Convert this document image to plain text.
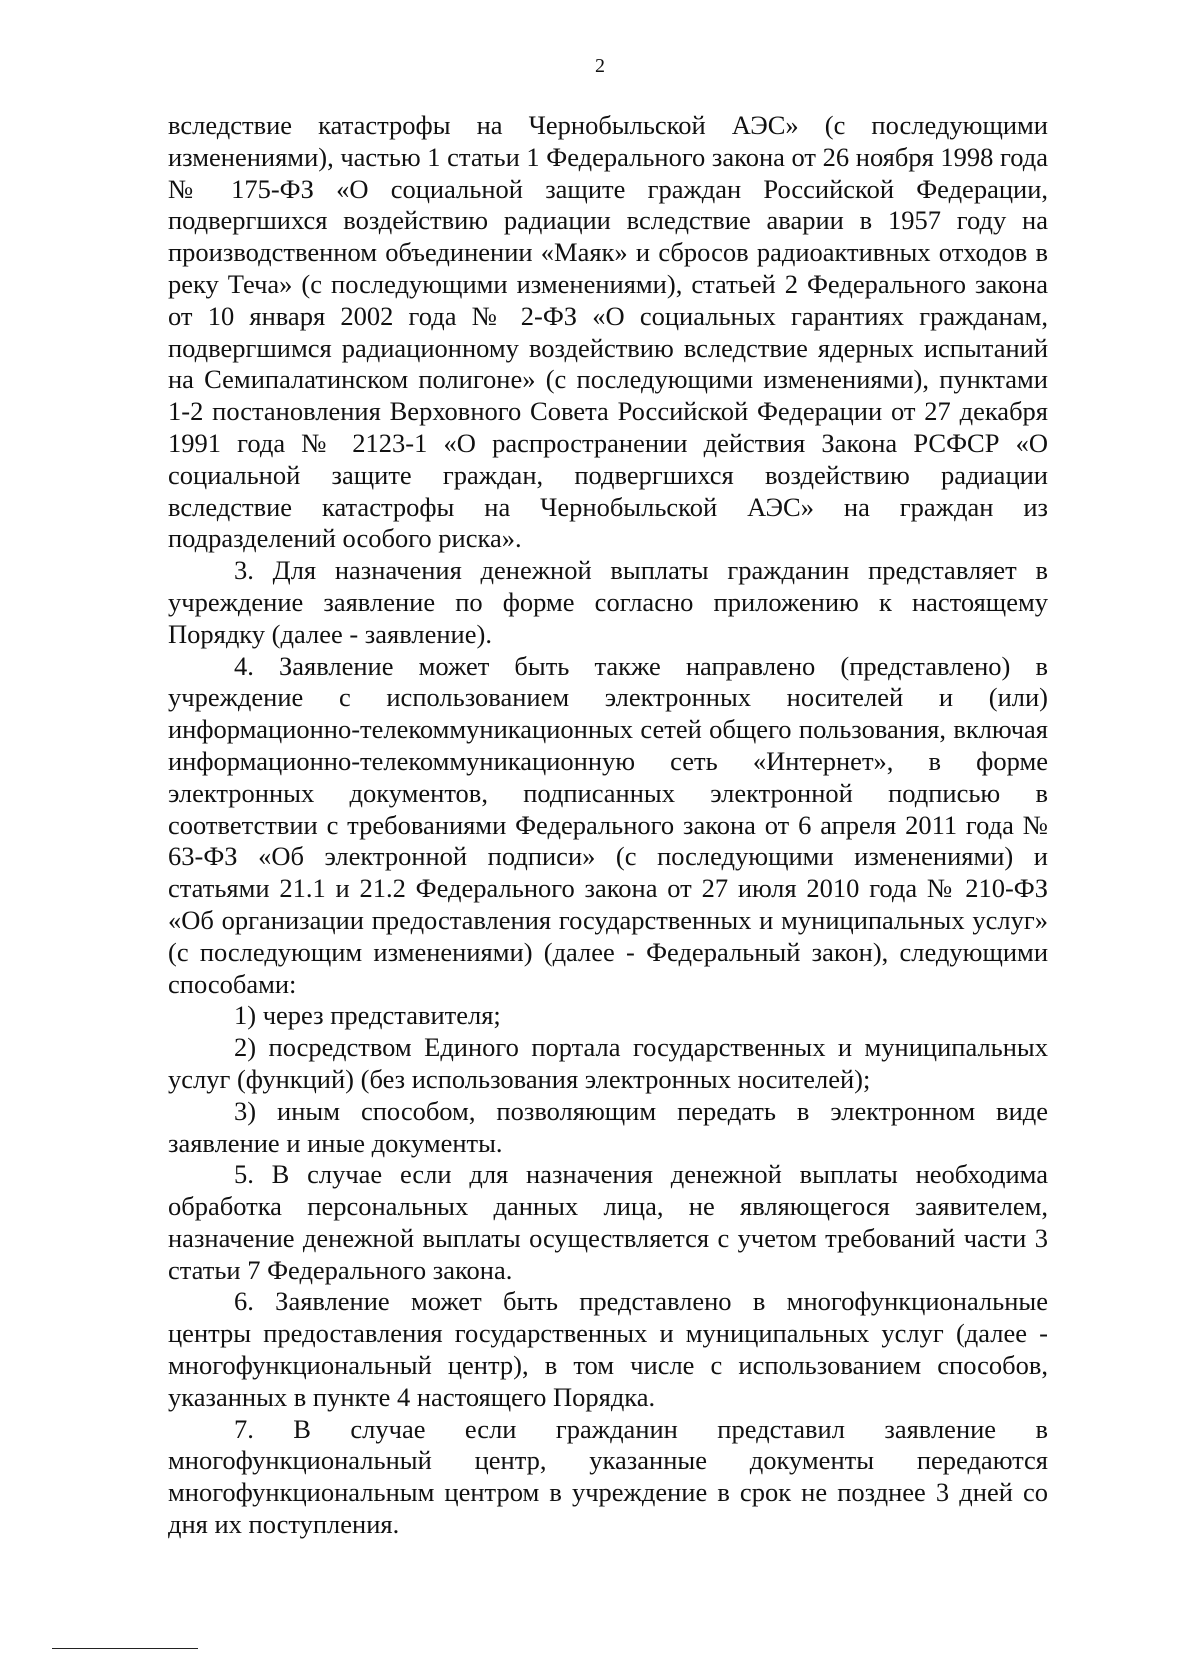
2

вследствие катастрофы на Чернобыльской АЭС» (с последующими изменениями), частью 1 статьи 1 Федерального закона от 26 ноября 1998 года № 175-ФЗ «О социальной защите граждан Российской Федерации, подвергшихся воздействию радиации вследствие аварии в 1957 году на производственном объединении «Маяк» и сбросов радиоактивных отходов в реку Теча» (с последующими изменениями), статьей 2 Федерального закона от 10 января 2002 года № 2-ФЗ «О социальных гарантиях гражданам, подвергшимся радиационному воздействию вследствие ядерных испытаний на Семипалатинском полигоне» (с последующими изменениями), пунктами 1-2 постановления Верховного Совета Российской Федерации от 27 декабря 1991 года № 2123-1 «О распространении действия Закона РСФСР «О социальной защите граждан, подвергшихся воздействию радиации вследствие катастрофы на Чернобыльской АЭС» на граждан из подразделений особого риска».

3. Для назначения денежной выплаты гражданин представляет в учреждение заявление по форме согласно приложению к настоящему Порядку (далее - заявление).

4. Заявление может быть также направлено (представлено) в учреждение с использованием электронных носителей и (или) информационно-телекоммуникационных сетей общего пользования, включая информационно-телекоммуникационную сеть «Интернет», в форме электронных документов, подписанных электронной подписью в соответствии с требованиями Федерального закона от 6 апреля 2011 года № 63-ФЗ «Об электронной подписи» (с последующими изменениями) и статьями 21.1 и 21.2 Федерального закона от 27 июля 2010 года № 210-ФЗ «Об организации предоставления государственных и муниципальных услуг» (с последующим изменениями) (далее - Федеральный закон), следующими способами:

1) через представителя;

2) посредством Единого портала государственных и муниципальных услуг (функций) (без использования электронных носителей);

3) иным способом, позволяющим передать в электронном виде заявление и иные документы.

5. В случае если для назначения денежной выплаты необходима обработка персональных данных лица, не являющегося заявителем, назначение денежной выплаты осуществляется с учетом требований части 3 статьи 7 Федерального закона.

6. Заявление может быть представлено в многофункциональные центры предоставления государственных и муниципальных услуг (далее - многофункциональный центр), в том числе с использованием способов, указанных в пункте 4 настоящего Порядка.

7. В случае если гражданин представил заявление в многофункциональный центр, указанные документы передаются многофункциональным центром в учреждение в срок не позднее 3 дней со дня их поступления.
